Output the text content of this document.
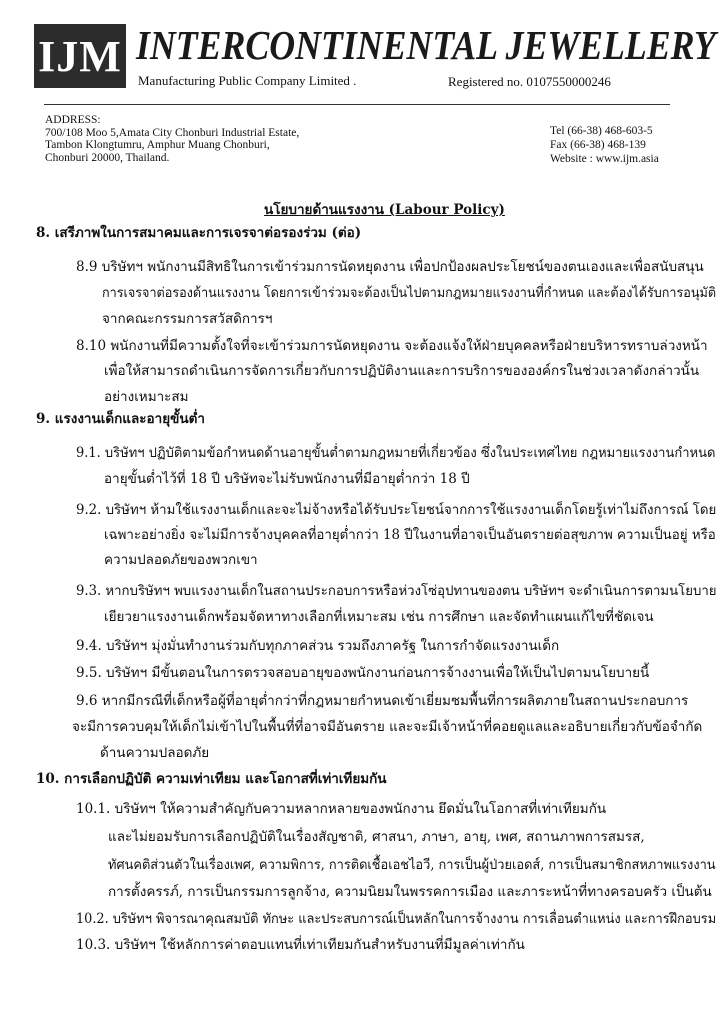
IJM INTERCONTINENTAL JEWELLERY
Manufacturing Public Company Limited .	Registered no. 0107550000246
ADDRESS:
700/108 Moo 5,Amata City Chonburi Industrial Estate,
Tambon Klongtumru, Amphur Muang Chonburi,
Chonburi 20000, Thailand.
Tel (66-38) 468-603-5
Fax (66-38) 468-139
Website : www.ijm.asia
นโยบายด้านแรงงาน (Labour Policy)
8. เสรีภาพในการสมาคมและการเจรจาต่อรองร่วม (ต่อ)
8.9 บริษัทฯ พนักงานมีสิทธิในการเข้าร่วมการนัดหยุดงาน เพื่อปกป้องผลประโยชน์ของตนเองและเพื่อสนับสนุน
การเจรจาต่อรองด้านแรงงาน โดยการเข้าร่วมจะต้องเป็นไปตามกฎหมายแรงงานที่กำหนด และต้องได้รับการอนุมัติ
จากคณะกรรมการสวัสดิการฯ
8.10 พนักงานที่มีความตั้งใจที่จะเข้าร่วมการนัดหยุดงาน จะต้องแจ้งให้ฝ่ายบุคคลหรือฝ่ายบริหารทราบล่วงหน้า
เพื่อให้สามารถดำเนินการจัดการเกี่ยวกับการปฏิบัติงานและการบริการขององค์กรในช่วงเวลาดังกล่าวนั้น
อย่างเหมาะสม
9. แรงงานเด็กและอายุขั้นต่ำ
9.1. บริษัทฯ ปฏิบัติตามข้อกำหนดด้านอายุขั้นต่ำตามกฎหมายที่เกี่ยวข้อง ซึ่งในประเทศไทย กฎหมายแรงงานกำหนด
อายุขั้นต่ำไว้ที่ 18 ปี บริษัทจะไม่รับพนักงานที่มีอายุต่ำกว่า 18 ปี
9.2. บริษัทฯ ห้ามใช้แรงงานเด็กและจะไม่จ้างหรือได้รับประโยชน์จากการใช้แรงงานเด็กโดยรู้เท่าไม่ถึงการณ์ โดย
เฉพาะอย่างยิ่ง จะไม่มีการจ้างบุคคลที่อายุต่ำกว่า 18 ปีในงานที่อาจเป็นอันตรายต่อสุขภาพ ความเป็นอยู่ หรือ
ความปลอดภัยของพวกเขา
9.3. หากบริษัทฯ พบแรงงานเด็กในสถานประกอบการหรือห่วงโซ่อุปทานของตน บริษัทฯ จะดำเนินการตามนโยบาย
เยียวยาแรงงานเด็กพร้อมจัดหาทางเลือกที่เหมาะสม เช่น การศึกษา และจัดทำแผนแก้ไขที่ชัดเจน
9.4. บริษัทฯ มุ่งมั่นทำงานร่วมกับทุกภาคส่วน รวมถึงภาครัฐ ในการกำจัดแรงงานเด็ก
9.5. บริษัทฯ มีขั้นตอนในการตรวจสอบอายุของพนักงานก่อนการจ้างงานเพื่อให้เป็นไปตามนโยบายนี้
9.6 หากมีกรณีที่เด็กหรือผู้ที่อายุต่ำกว่าที่กฎหมายกำหนดเข้าเยี่ยมชมพื้นที่การผลิตภายในสถานประกอบการ
จะมีการควบคุมให้เด็กไม่เข้าไปในพื้นที่ที่อาจมีอันตราย และจะมีเจ้าหน้าที่คอยดูแลและอธิบายเกี่ยวกับข้อจำกัด
ด้านความปลอดภัย
10. การเลือกปฏิบัติ ความเท่าเทียม และโอกาสที่เท่าเทียมกัน
10.1. บริษัทฯ ให้ความสำคัญกับความหลากหลายของพนักงาน ยึดมั่นในโอกาสที่เท่าเทียมกัน
และไม่ยอมรับการเลือกปฏิบัติในเรื่องสัญชาติ, ศาสนา, ภาษา, อายุ, เพศ, สถานภาพการสมรส,
ทัศนคติส่วนตัวในเรื่องเพศ, ความพิการ, การติดเชื้อเอชไอวี, การเป็นผู้ป่วยเอดส์, การเป็นสมาชิกสหภาพแรงงาน
การตั้งครรภ์, การเป็นกรรมการลูกจ้าง, ความนิยมในพรรคการเมือง และภาระหน้าที่ทางครอบครัว เป็นต้น
10.2. บริษัทฯ พิจารณาคุณสมบัติ ทักษะ และประสบการณ์เป็นหลักในการจ้างงาน การเลื่อนตำแหน่ง และการฝึกอบรม
10.3. บริษัทฯ ใช้หลักการค่าตอบแทนที่เท่าเทียมกันสำหรับงานที่มีมูลค่าเท่ากัน
